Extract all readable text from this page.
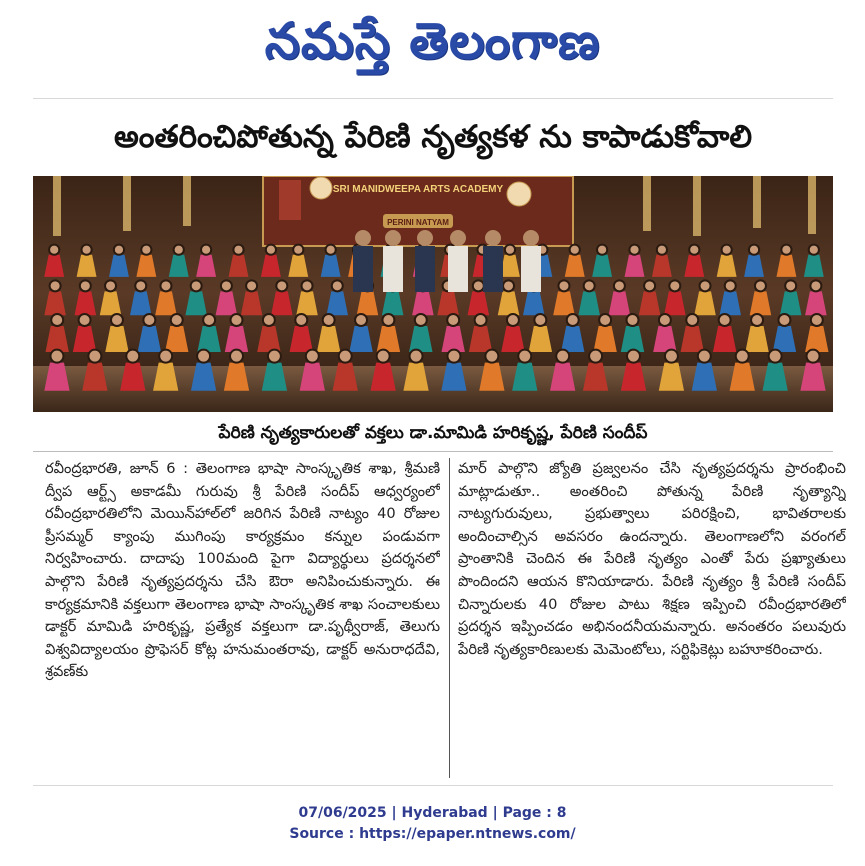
నమస్తే తెలంగాణ
అంతరించిపోతున్న పేరిణి నృత్యకళ ను కాపాడుకోవాలి
SRI MANIDWEEPA ARTS ACADEMY
PERINI NATYAM
పేరిణి నృత్యకారులతో వక్తలు డా.మామిడి హరికృష్ణ, పేరిణి సందీప్
రవీంద్రభారతి, జూన్ 6 : తెలంగాణ భాషా సాంస్కృతిక శాఖ, శ్రీమణి ద్వీప ఆర్ట్స్ అకాడమీ గురువు శ్రీ పేరిణి సందీప్ ఆధ్వర్యంలో రవీంద్రభారతిలోని మెయిన్‌హాల్‌లో జరిగిన పేరిణి నాట్యం 40 రోజుల ప్రీసమ్మర్ క్యాంపు ముగింపు కార్యక్రమం కన్నుల పండువగా నిర్వహించారు. దాదాపు 100మంది పైగా విద్యార్థులు ప్రదర్శనలో పాల్గొని పేరిణి నృత్యప్రదర్శను చేసి ఔరా అనిపించుకున్నారు. ఈ కార్యక్రమానికి వక్తలుగా తెలంగాణ భాషా సాంస్కృతిక శాఖ సంచాలకులు డాక్టర్ మామిడి హరికృష్ణ, ప్రత్యేక వక్తలుగా డా.పృథ్వీరాజ్, తెలుగు విశ్వవిద్యాలయం ప్రొఫెసర్ కోట్ల హనుమంతరావు, డాక్టర్ అనురాధదేవి, శ్రవణ్‌కు
మార్ పాల్గొని జ్యోతి ప్రజ్వలనం చేసి నృత్యప్రదర్శను ప్రారంభించి మాట్లాడుతూ.. అంతరించి పోతున్న పేరిణి నృత్యాన్ని నాట్యగురువులు, ప్రభుత్వాలు పరిరక్షించి, భావితరాలకు అందించాల్సిన అవసరం ఉందన్నారు. తెలంగాణలోని వరంగల్ ప్రాంతానికి చెందిన ఈ పేరిణి నృత్యం ఎంతో పేరు ప్రఖ్యాతులు పొందిందని ఆయన కొనియాడారు. పేరిణి నృత్యం శ్రీ పేరిణి సందీప్ చిన్నారులకు 40 రోజుల పాటు శిక్షణ ఇప్పించి రవీంద్రభారతిలో ప్రదర్శన ఇప్పించడం అభినందనీయమన్నారు. అనంతరం పలువురు పేరిణి నృత్యకారిణులకు మెమెంటోలు, సర్టిఫికెట్లు బహూకరించారు.
07/06/2025 | Hyderabad | Page : 8
Source : https://epaper.ntnews.com/
